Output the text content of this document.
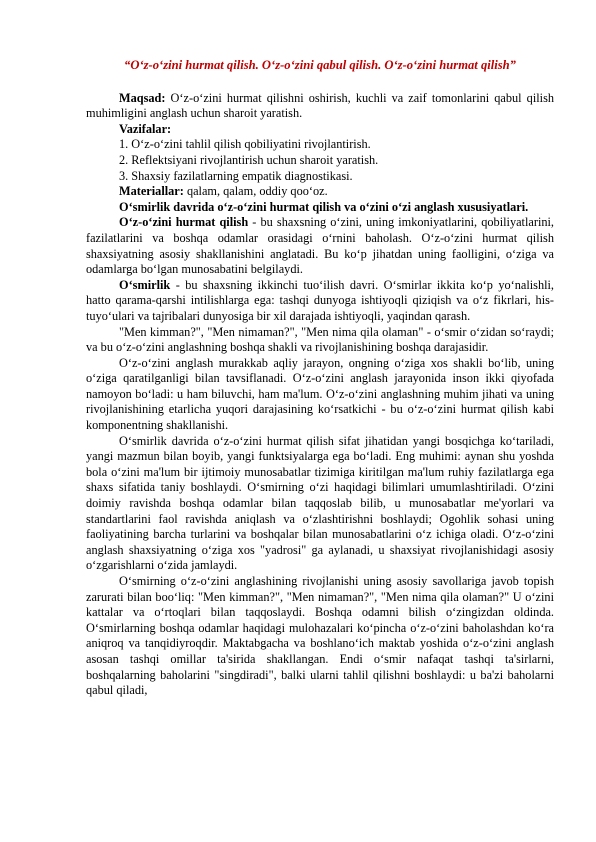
“O‘z-o‘zini hurmat qilish. O‘z-o‘zini qabul qilish. O‘z-o‘zini hurmat qilish”

Maqsad: O‘z-o‘zini hurmat qilishni oshirish, kuchli va zaif tomonlarini qabul qilish muhimligini anglash uchun sharoit yaratish.

Vazifalar:

1. O‘z-o‘zini tahlil qilish qobiliyatini rivojlantirish.

2. Reflektsiyani rivojlantirish uchun sharoit yaratish.

3. Shaxsiy fazilatlarning empatik diagnostikasi.

Materiallar: qalam, qalam, oddiy qoo‘oz.

O‘smirlik davrida o‘z-o‘zini hurmat qilish va o‘zini o‘zi anglash xususiyatlari.

O‘z-o‘zini hurmat qilish - bu shaxsning o‘zini, uning imkoniyatlarini, qobiliyatlarini, fazilatlarini va boshqa odamlar orasidagi o‘rnini baholash. O‘z-o‘zini hurmat qilish shaxsiyatning asosiy shakllanishini anglatadi. Bu ko‘p jihatdan uning faolligini, o‘ziga va odamlarga bo‘lgan munosabatini belgilaydi.

O‘smirlik - bu shaxsning ikkinchi tuo‘ilish davri. O‘smirlar ikkita ko‘p yo‘nalishli, hatto qarama-qarshi intilishlarga ega: tashqi dunyoga ishtiyoqli qiziqish va o‘z fikrlari, his-tuyo‘ulari va tajribalari dunyosiga bir xil darajada ishtiyoqli, yaqindan qarash.

"Men kimman?", "Men nimaman?", "Men nima qila olaman" - o‘smir o‘zidan so‘raydi; va bu o‘z-o‘zini anglashning boshqa shakli va rivojlanishining boshqa darajasidir.

O‘z-o‘zini anglash murakkab aqliy jarayon, ongning o‘ziga xos shakli bo‘lib, uning o‘ziga qaratilganligi bilan tavsiflanadi. O‘z-o‘zini anglash jarayonida inson ikki qiyofada namoyon bo‘ladi: u ham biluvchi, ham ma'lum. O‘z-o‘zini anglashning muhim jihati va uning rivojlanishining etarlicha yuqori darajasining ko‘rsatkichi - bu o‘z-o‘zini hurmat qilish kabi komponentning shakllanishi.

O‘smirlik davrida o‘z-o‘zini hurmat qilish sifat jihatidan yangi bosqichga ko‘tariladi, yangi mazmun bilan boyib, yangi funktsiyalarga ega bo‘ladi. Eng muhimi: aynan shu yoshda bola o‘zini ma'lum bir ijtimoiy munosabatlar tizimiga kiritilgan ma'lum ruhiy fazilatlarga ega shaxs sifatida taniy boshlaydi. O‘smirning o‘zi haqidagi bilimlari umumlashtiriladi. O‘zini doimiy ravishda boshqa odamlar bilan taqqoslab bilib, u munosabatlar me'yorlari va standartlarini faol ravishda aniqlash va o‘zlashtirishni boshlaydi; Ogohlik sohasi uning faoliyatining barcha turlarini va boshqalar bilan munosabatlarini o‘z ichiga oladi. O‘z-o‘zini anglash shaxsiyatning o‘ziga xos "yadrosi" ga aylanadi, u shaxsiyat rivojlanishidagi asosiy o‘zgarishlarni o‘zida jamlaydi.

O‘smirning o‘z-o‘zini anglashining rivojlanishi uning asosiy savollariga javob topish zarurati bilan boo‘liq: "Men kimman?", "Men nimaman?", "Men nima qila olaman?" U o‘zini kattalar va o‘rtoqlari bilan taqqoslaydi. Boshqa odamni bilish o‘zingizdan oldinda. O‘smirlarning boshqa odamlar haqidagi mulohazalari ko‘pincha o‘z-o‘zini baholashdan ko‘ra aniqroq va tanqidiyroqdir. Maktabgacha va boshlano‘ich maktab yoshida o‘z-o‘zini anglash asosan tashqi omillar ta'sirida shakllangan. Endi o‘smir nafaqat tashqi ta'sirlarni, boshqalarning baholarini "singdiradi", balki ularni tahlil qilishni boshlaydi: u ba'zi baholarni qabul qiladi,
